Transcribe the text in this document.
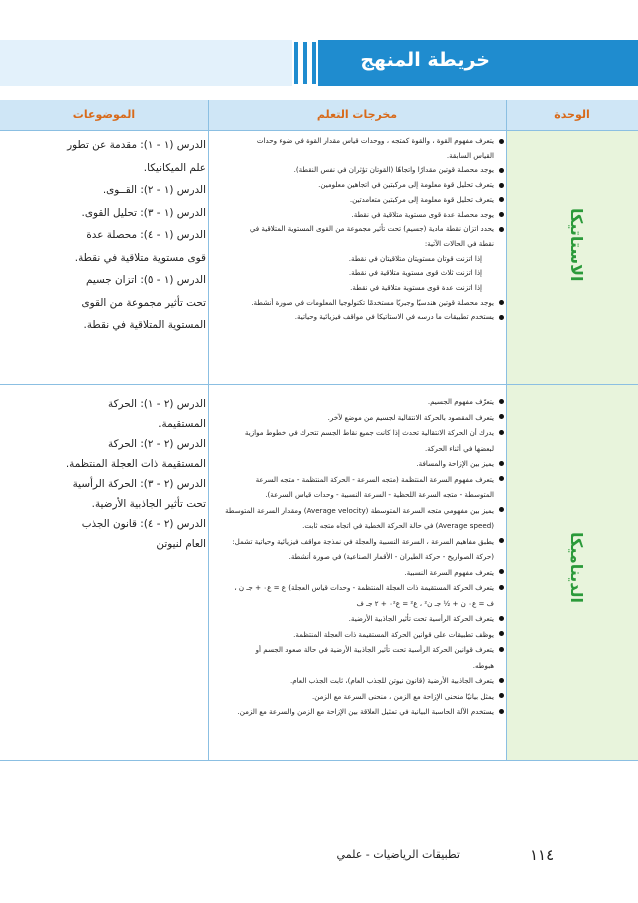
خريطة المنهج
الوحدة
مخرجات التعلم
الموضوعات
الاستاتيكا
يتعرف مفهوم القوة ، والقوة كمتجه ، ووحدات قياس مقدار القوة في ضوء وحدات
القياس السابقة.
يوجد محصلة قوتين مقدارًا واتجاهًا (القوتان تؤثران في نفس النقطة).
يتعرف تحليل قوة معلومة إلى مركبتين في اتجاهين معلومين.
يتعرف تحليل قوة معلومة إلى مركبتين متعامدتين.
يوجد محصلة عدة قوى مستوية متلاقية في نقطة.
يحدد اتزان نقطة مادية (جسيم) تحت تأثير مجموعة من القوى المستوية المتلاقية في
نقطة في الحالات الآتية:
إذا اتزنت قوتان مستويتان متلاقيتان في نقطة.
إذا اتزنت ثلاث قوى مستوية متلاقية في نقطة.
إذا اتزنت عدة قوى مستوية متلاقية في نقطة.
يوجد محصلة قوتين هندسيًا وجبريًا مستخدمًا تكنولوجيا المعلومات في صورة أنشطة.
يستخدم تطبيقات ما درسه في الاستاتيكا في مواقف فيزيائية وحياتية.
الدرس (١ - ١): مقدمة عن تطور
علم الميكانيكا.
الدرس (١ - ٢): القــوى.
الدرس (١ - ٣): تحليل القوى.
الدرس (١ - ٤): محصلة عدة
قوى مستوية متلاقية في نقطة.
الدرس (١ - ٥): اتزان جسيم
تحت تأثير مجموعة من القوى
المستوية المتلاقية في نقطة.
الديناميكا
يتعرّف مفهوم الجسيم.
يتعرف المقصود بالحركة الانتقالية لجسيم من موضع لآخر.
يدرك أن الحركة الانتقالية تحدث إذا كانت جميع نقاط الجسم تتحرك في خطوط موازية
لبعضها في أثناء الحركة.
يميز بين الإزاحة والمسافة.
يتعرف مفهوم السرعة المنتظمة (متجه السرعة - الحركة المنتظمة - متجه السرعة
المتوسطة - متجه السرعة اللحظية - السرعة النسبية - وحدات قياس السرعة).
يميز بين مفهومي متجه السرعة المتوسطة (Average velocity) ومقدار السرعة المتوسطة
(Average speed) في حالة الحركة الخطية في اتجاه متجه ثابت.
يطبق مفاهيم السرعة ، السرعة النسبية والعجلة في نمذجة مواقف فيزيائية وحياتية تشمل:
(حركة الصواريخ - حركة الطيران - الأقمار الصناعية) في صورة أنشطة.
يتعرف مفهوم السرعة النسبية.
يتعرف الحركة المستقيمة ذات العجلة المنتظمة - وحدات قياس العجلة) ع = ع٠ + جـ ن ،
ف = ع٠ ن + ½ جـ ن² ، ع² = ع٠² + ٢ جـ ف
يتعرف الحركة الرأسية تحت تأثير الجاذبية الأرضية.
يوظف تطبيقات على قوانين الحركة المستقيمة ذات العجلة المنتظمة.
يتعرف قوانين الحركة الرأسية تحت تأثير الجاذبية الأرضية في حالة صعود الجسم أو
هبوطه.
يتعرف الجاذبية الأرضية (قانون نيوتن للجذب العام)، ثابت الجذب العام.
يمثل بيانيًا منحنى الإزاحة مع الزمن ، منحنى السرعة مع الزمن.
يستخدم الآلة الحاسبة البيانية في تمثيل العلاقة بين الإزاحة مع الزمن والسرعة مع الزمن.
الدرس (٢ - ١): الحركة
المستقيمة.
الدرس (٢ - ٢): الحركة
المستقيمة ذات العجلة المنتظمة.
الدرس (٢ - ٣): الحركة الرأسية
تحت تأثير الجاذبية الأرضية.
الدرس (٢ - ٤): قانون الجذب
العام لنيوتن
١١٤
تطبيقات الرياضيات - علمي
